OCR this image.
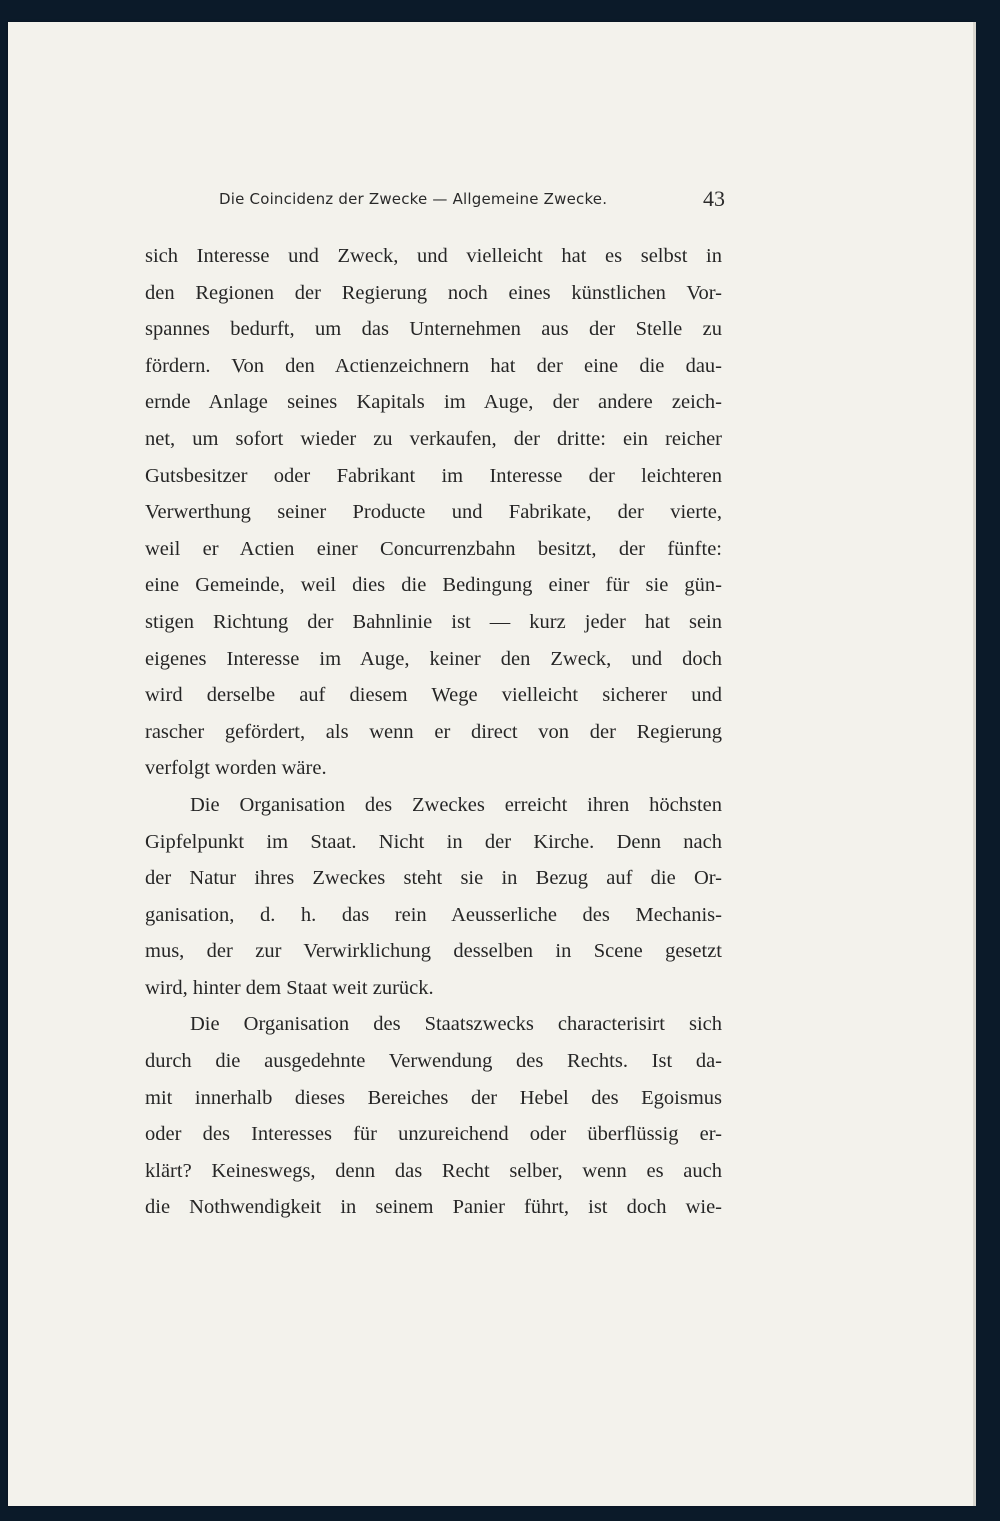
Die Coincidenz der Zwecke — Allgemeine Zwecke.	43
sich Interesse und Zweck, und vielleicht hat es selbst in
den Regionen der Regierung noch eines künstlichen Vor-
spannes bedurft, um das Unternehmen aus der Stelle zu
fördern. Von den Actienzeichnern hat der eine die dau-
ernde Anlage seines Kapitals im Auge, der andere zeich-
net, um sofort wieder zu verkaufen, der dritte: ein reicher
Gutsbesitzer oder Fabrikant im Interesse der leichteren
Verwerthung seiner Producte und Fabrikate, der vierte,
weil er Actien einer Concurrenzbahn besitzt, der fünfte:
eine Gemeinde, weil dies die Bedingung einer für sie gün-
stigen Richtung der Bahnlinie ist — kurz jeder hat sein
eigenes Interesse im Auge, keiner den Zweck, und doch
wird derselbe auf diesem Wege vielleicht sicherer und
rascher gefördert, als wenn er direct von der Regierung
verfolgt worden wäre.
Die Organisation des Zweckes erreicht ihren höchsten
Gipfelpunkt im Staat. Nicht in der Kirche. Denn nach
der Natur ihres Zweckes steht sie in Bezug auf die Or-
ganisation, d. h. das rein Aeusserliche des Mechanis-
mus, der zur Verwirklichung desselben in Scene gesetzt
wird, hinter dem Staat weit zurück.
Die Organisation des Staatszwecks characterisirt sich
durch die ausgedehnte Verwendung des Rechts. Ist da-
mit innerhalb dieses Bereiches der Hebel des Egoismus
oder des Interesses für unzureichend oder überflüssig er-
klärt? Keineswegs, denn das Recht selber, wenn es auch
die Nothwendigkeit in seinem Panier führt, ist doch wie-
